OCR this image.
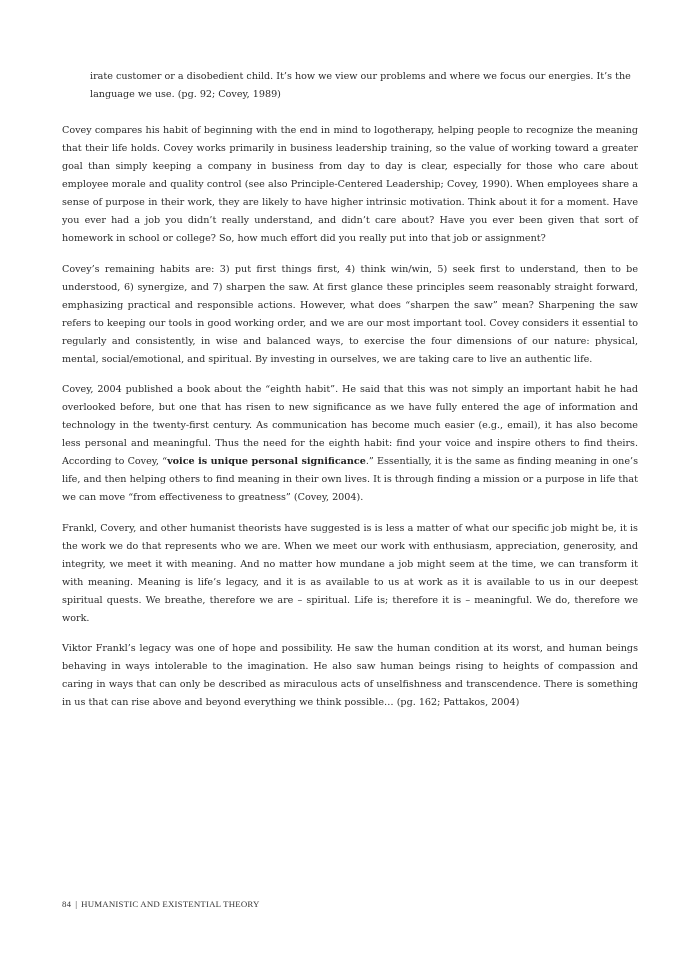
irate customer or a disobedient child. It’s how we view our problems and where we focus our energies. It’s the language we use. (pg. 92; Covey, 1989)

Covey compares his habit of beginning with the end in mind to logotherapy, helping people to recognize the meaning that their life holds. Covey works primarily in business leadership training, so the value of working toward a greater goal than simply keeping a company in business from day to day is clear, especially for those who care about employee morale and quality control (see also Principle-Centered Leadership; Covey, 1990). When employees share a sense of purpose in their work, they are likely to have higher intrinsic motivation. Think about it for a moment. Have you ever had a job you didn’t really understand, and didn’t care about? Have you ever been given that sort of homework in school or college? So, how much effort did you really put into that job or assignment?

Covey’s remaining habits are: 3) put first things first, 4) think win/win, 5) seek first to understand, then to be understood, 6) synergize, and 7) sharpen the saw. At first glance these principles seem reasonably straight forward, emphasizing practical and responsible actions. However, what does “sharpen the saw” mean? Sharpening the saw refers to keeping our tools in good working order, and we are our most important tool. Covey considers it essential to regularly and consistently, in wise and balanced ways, to exercise the four dimensions of our nature: physical, mental, social/emotional, and spiritual. By investing in ourselves, we are taking care to live an authentic life.

Covey, 2004 published a book about the “eighth habit”. He said that this was not simply an important habit he had overlooked before, but one that has risen to new significance as we have fully entered the age of information and technology in the twenty-first century. As communication has become much easier (e.g., email), it has also become less personal and meaningful. Thus the need for the eighth habit: find your voice and inspire others to find theirs. According to Covey, “voice is unique personal significance.” Essentially, it is the same as finding meaning in one’s life, and then helping others to find meaning in their own lives. It is through finding a mission or a purpose in life that we can move “from effectiveness to greatness” (Covey, 2004).

Frankl, Covery, and other humanist theorists have suggested is is less a matter of what our specific job might be, it is the work we do that represents who we are. When we meet our work with enthusiasm, appreciation, generosity, and integrity, we meet it with meaning. And no matter how mundane a job might seem at the time, we can transform it with meaning. Meaning is life’s legacy, and it is as available to us at work as it is available to us in our deepest spiritual quests. We breathe, therefore we are – spiritual. Life is; therefore it is – meaningful. We do, therefore we work.

Viktor Frankl’s legacy was one of hope and possibility. He saw the human condition at its worst, and human beings behaving in ways intolerable to the imagination. He also saw human beings rising to heights of compassion and caring in ways that can only be described as miraculous acts of unselfishness and transcendence. There is something in us that can rise above and beyond everything we think possible… (pg. 162; Pattakos, 2004)

84 | HUMANISTIC AND EXISTENTIAL THEORY
